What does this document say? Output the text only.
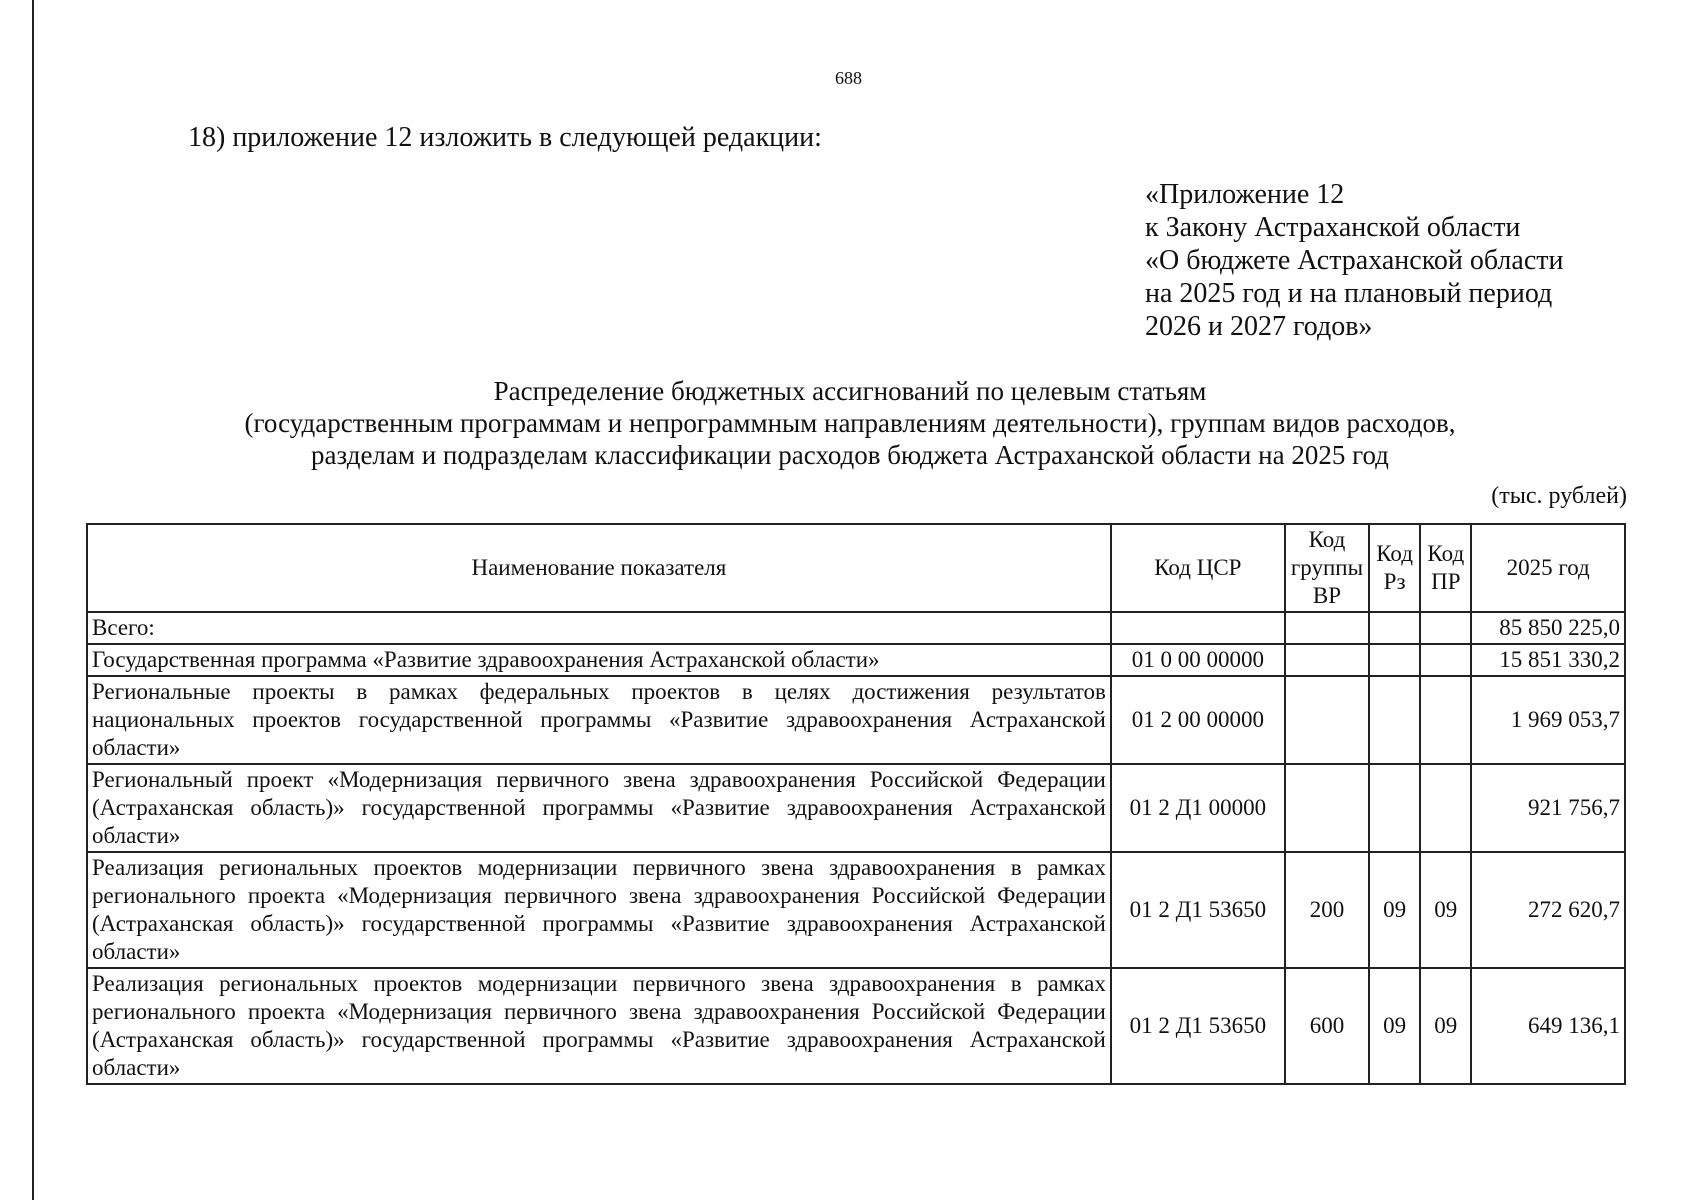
688
18) приложение 12 изложить в следующей редакции:
«Приложение 12
к Закону Астраханской области
«О бюджете Астраханской области
на 2025 год и на плановый период
2026 и 2027 годов»
Распределение бюджетных ассигнований по целевым статьям
(государственным программам и непрограммным направлениям деятельности), группам видов расходов,
разделам и подразделам классификации расходов бюджета Астраханской области на 2025 год
(тыс. рублей)
Наименование показателя	Код ЦСР	Код группы ВР	Код Рз	Код ПР	2025 год
Всего:					85 850 225,0
Государственная программа «Развитие здравоохранения Астраханской области»	01 0 00 00000				15 851 330,2
Региональные проекты в рамках федеральных проектов в целях достижения результатов национальных проектов государственной программы «Развитие здравоохранения Астраханской области»	01 2 00 00000				1 969 053,7
Региональный проект «Модернизация первичного звена здравоохранения Российской Федерации (Астраханская область)» государственной программы «Развитие здравоохранения Астраханской области»	01 2 Д1 00000				921 756,7
Реализация региональных проектов модернизации первичного звена здравоохранения в рамках регионального проекта «Модернизация первичного звена здравоохранения Российской Федерации (Астраханская область)» государственной программы «Развитие здравоохранения Астраханской области»	01 2 Д1 53650	200	09	09	272 620,7
Реализация региональных проектов модернизации первичного звена здравоохранения в рамках регионального проекта «Модернизация первичного звена здравоохранения Российской Федерации (Астраханская область)» государственной программы «Развитие здравоохранения Астраханской области»	01 2 Д1 53650	600	09	09	649 136,1
